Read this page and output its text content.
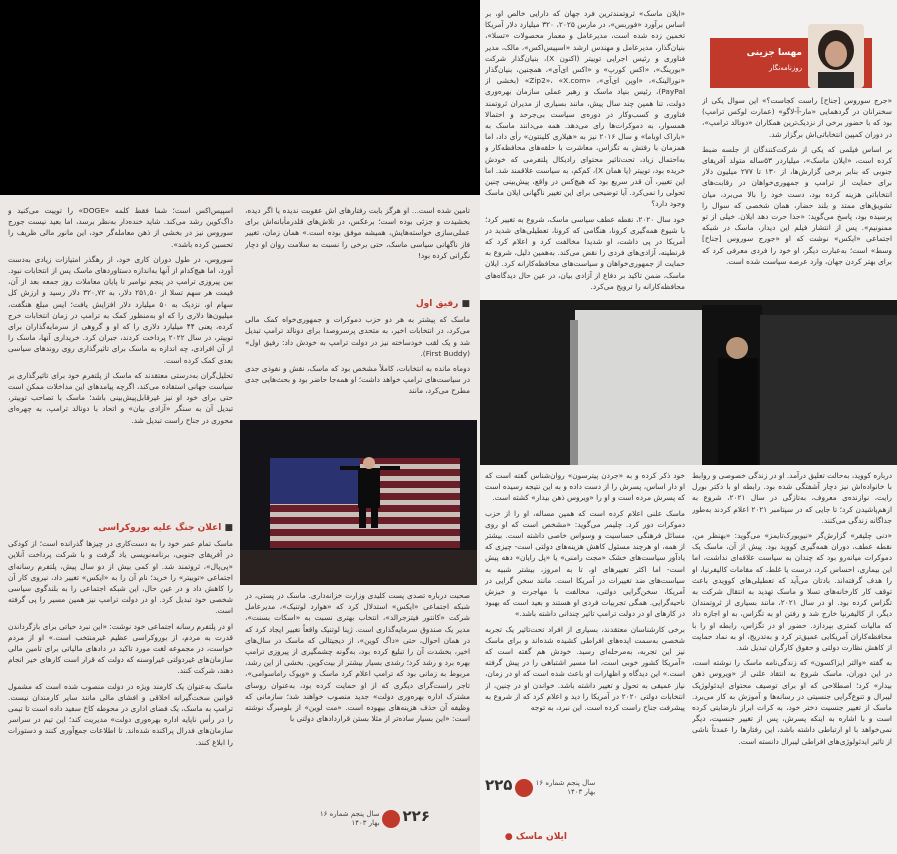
تامین شده است... او هرگز بابت رفتارهای اش عقوبت ندیده یا اگر دیده، بخشیدت و جزئی بوده است؛ برعکس، در تلاش‌های قلدرمأبانه‌اش برای عملی‌سازی خواسته‌هایش، همیشه موفق بوده است.» همان زمان، تغییر فاز ناگهانی سیاسی ماسک، حتی برخی را نسبت به سلامت روان او دچار نگرانی کرده بود!

■ رفیق اول

ماسک که پیشتر به هر دو حزب دموکرات و جمهوری‌خواه کمک مالی می‌کرد، در انتخابات اخیر، به متحدی پرسروصدا برای دونالد ترامپ تبدیل شد و یک لقب خودساخته نیز در دولت ترامپ به خودش داد: رفیق اول» (First Buddy).

دوماه مانده به انتخابات، کاملاً مشخص بود که ماسک، نقش و نفوذی جدی در سیاست‌های ترامپ خواهد داشت؛ او همه‌جا حاضر بود و بحث‌هایی جدی مطرح می‌کرد، مانند

صحبت درباره تصدی پست کلیدی وزارت خزانه‌داری. ماسک در پستی، در شبکه اجتماعی «ایکس» استدلال کرد که «هوارد لوتنیک»، مدیرعامل شرکت «کانتور فیتزجرالد»، انتخاب بهتری نسبت به «اسکات بسنت»، مدیر یک صندوق سرمایه‌گذاری است. ژینا لوتنیک واقعاً تغییر ایجاد کرد که در همان احوال، حتی «داگ کوین»، از دیجیتالی که ماسک در سال‌های اخیر، بخشدت آن را تبلیغ کرده بود، به‌گونه چشمگیری از پیروزی ترامپ بهره برد و رشد کرد؛ رشدی بسیار بیشتر از بیت‌کوین. بخشی از این رشد، مربوط به زمانی بود که ترامپ اعلام کرد ماسک و «ویوک راماسوامی»، تاجر راست‌گرای دیگری که از او حمایت کرده بود، به‌عنوان روسای مشترک اداره بهره‌وری دولت» جدید منصوب خواهند شد؛ سازمانی که وظیفه آن حذف هزینه‌های بیهوده است. «مت لوین» از بلومبرگ نوشته است: «این بسیار ساده‌تر از مثلا بستن قراردادهای دولتی با

اسپیس‌اکس است؛ شما فقط کلمه «DOGE» را توییت می‌کنید و داگ‌کوین رشد می‌کند. شاید خنده‌دار به‌نظر برسد، اما بعید نیست جورج سوروس نیز در بخشی از ذهن معامله‌گر خود، این مانور مالی ظریف را تحسین کرده باشد».

سوروس، در طول دوران کاری خود، از رهگذر امتیازات زیادی به‌دست آورد، اما هیچ‌کدام از آنها به‌اندازه دستاوردهای ماسک پس از انتخابات نبود. بین پیروزی ترامپ در پنجم نوامبر تا پایان معاملات روز جمعه بعد از آن، قیمت هر سهم تسلا از ۲۵۱,۵۰ دلار، به ۳۲۰,۷۲ دلار رسید و ارزش کل سهام او، نزدیک به ۵۰ میلیارد دلار افزایش یافت؛ ایس مبلغ هنگفت، میلیون‌ها دلاری را که او به‌منظور کمک به ترامپ در زمان انتخابات خرج کرده، یعنی ۴۴ میلیارد دلاری را که او و گروهی از سرمایه‌گذاران برای توییتر، در سال ۲۰۲۲ پرداخت کردند، جبران کرد. خریداری آنها، ماسک را از آن افرادی، چه اندازه به ماسک برای تاثیرگذاری روی روندهای سیاسی بعدی کمک کرده است.

تحلیل‌گران به‌درستی معتقدند که ماسک از پلتفرم خود برای تاثیرگذاری بر سیاست جهانی استفاده می‌کند، اگرچه پیامدهای این مداخلات ممکن است حتی برای خود او نیز غیرقابل‌پیش‌بینی باشد؛ ماسک با تصاحب توییتر، تبدیل آن به سنگر «آزادی بیان» و اتحاد با دونالد ترامپ، به چهره‌ای محوری در جناح راست تبدیل شد.

■ اعلان جنگ علیه بوروکراسی

ماسک تمام عمر خود را به دست‌کاری در چیزها گذرانده است؛ از کودکی در آفریقای جنوبی، برنامه‌نویسی یاد گرفت و با شرکت پرداخت آنلاین «پی‌پال»، ثروتمند شد. او کمی بیش از دو سال پیش، پلتفرم رسانه‌ای اجتماعی «توییتر» را خرید؛ نام آن را به «ایکس» تغییر داد، نیروی کار آن را کاهش داد و در عین حال، این شبکه اجتماعی را به بلندگوی سیاسی شخصی خود تبدیل کرد. او در دولت ترامپ نیز همین مسیر را پی گرفته است.

او در پلتفرم رسانه اجتماعی خود نوشت: «این نبرد حیاتی برای بازگرداندن قدرت به مردم، از بوروکراسی عظیم غیرمنتخب است.» او از مردم خواست، در مجموعه لغت مورد تاکید در دادهای مالیاتی برای تامین مالی سازمان‌های غیردولتی غیراوسنه که دولت که قرار است کارهای خیر انجام دهند، شرکت کنند.

ماسک به‌عنوان یک کارمند ویژه در دولت منصوب شده است که مشمول قوانین سخت‌گیرانه اخلاقی و افشای مالی مانند سایر کارمندان نیست. ترامپ به ماسک، یک فضای اداری در محوطه کاخ سفید داده است تا تیمی را در رأس ناپایه اداره بهره‌وری دولت» مدیریت کند؛ این تیم در سراسر سازمان‌های فدرال پراکنده شده‌اند. تا اطلاعات جمع‌آوری کنند و دستورات را ابلاغ کنند.

۲۲۶  سال پنجم شماره ۱۶
بهار ۱۴۰۳

«ایلان ماسک» ثروتمندترین فرد جهان که دارایی خالص او، بر اساس برآورد «فوربس»، در مارس ۲۰۲۵، ۳۲۰ میلیارد دلار آمریکا تخمین زده شده است، مدیرعامل و معمار محصولات «تسلا»، بنیان‌گذار، مدیرعامل و مهندس ارشد «اسپیس‌اکس»، مالک، مدیر فناوری و رئیس اجرایی توییتر (اکنون X)، بنیان‌گذار شرکت «بورینگ»، «اکس کورپ» و «اکس ای‌آی»، همچنین، بنیان‌گذار «نورالینک»، «اوپن ای‌آی»، «Zip2»، «X.com» (بخشی از PayPal)، رئیس بنیاد ماسک و رهبر عملی سازمان بهره‌وری دولت، تنا همین چند سال پیش، مانند بسیاری از مدیران ثروتمند فناوری و کسب‌وکار در دوره‌ی سیاست بی‌جرحد و احتمالا همسوار، به دموکرات‌ها رای می‌دهد. همه می‌دانند ماسک به «باراک اوباما» و سال ۲۰۱۶ نیز به «هیلاری کلینتون» رأی داد، اما همزمان با رفتش به تگزاس، معاشرت با حلقه‌های محافظه‌کار و به‌احتمال زیاد، تحت‌تاثیر محتوای رادیکال پلتفرمی که خودش خریده بود، توییتر (یا همان X)، کم‌کم، به سیاست علاقمند شد. اما این تغییر، آن قدر سریع بود که هیچ‌کس در واقع، پیش‌بینی چنین تحولی را نمی‌کرد. آیا توضیحی برای این تغییر ناگهانی ایلان ماسک وجود دارد؟

خود سال ۲۰۲۰، نقطه عطف سیاسی ماسک، شروع به تغییر کرد؛ با شیوع همه‌گیری کرونا، هنگامی که کرونا، تعطیلی‌های شدید در آمریکا در پی داشت، او شدیدا مخالفت کرد و اعلام کرد که قرنطینه، آزادی‌های فردی را نقض می‌کند. به‌همین دلیل، شروع به حمایت از جمهوری‌خواهان و سیاست‌های محافظه‌کارانه کرد. ایلان ماسک، ضمن تاکید بر دفاع از آزادی بیان، در عین حال دیدگاه‌های محافظه‌کارانه را ترویج می‌کرد.

مهسا جزینی
روزنامه‌نگار

«جرج سوروس [جناح] راست کجاست؟» این سوال یکی از سخنرانان در گردهمایی «مار-آ-لاگو» (عمارت لوکس ترامپ) بود که با حضور برخی از نزدیک‌ترین همکاران «دونالد ترامپ»، در دوران کمپین انتخاباتی‌اش برگزار شد.

بر اساس فیلمی که یکی از شرکت‌کنندگان از جلسه ضبط کرده است، «ایلان ماسک»، میلیاردر ۵۳ساله متولد آفریقای جنوبی که بنابر برخی گزارش‌ها، از ۱۳۰ تا ۲۷۷ میلیون دلار برای حمایت از ترامپ و جمهوری‌خواهان در رقابت‌های انتخاباتی هزینه کرده بود، دست خود را بالا می‌برد، میان تشویق‌های ممتد و بلند حضار، همان شخصی که سوال را پرسیده بود، پاسخ می‌گوید: «حدا حرت دهد ایلان. خیلی از تو ممنونیم». پس از انتشار فیلم این دیدار، ماسک در شبکه اجتماعی «ایکس» نوشت که او «جورج سوروس [جناح] وسط» است؛ به‌عبارت دیگر، او خود را فردی معرفی کرد که برای بهتر کردن جهان، وارد عرصه سیاست شده است.

خود ذکر کرده و به «جردن پیترسون» روان‌شناس گفته است که او دار اساس، پسرش را از دست داده و به این نتیجه رسیده است که پسرش مرده است و او را «ویروس ذهن بیدار» کشته است.

ماسک علنی اعلام کرده است که همین مساله، او را از حزب دموکرات دور کرد. چلیمر می‌گوید: «مشخص است که او روی مسائل فرهنگی حساسیت و وسواس خاصی داشته است. بیشتر از همه، او هرچند مسئول کاهش هزینه‌های دولتی است- چیزی که یادآور سیاست‌های خشک «مجت رامنی» یا «پل رایان» دهه پیش است- اما اکثر تغییرهای او، تا به امروز، بیشتر شبیه به سیاست‌های ضد تغییرات در آمریکا است. مانند سخن گرایی در آمریکا، سخن‌گرایی دولتی، مخالفت با مهاجرت و خیزش ناحیه‌گرایی. همگی تجربیات فردی او هستند و بعید است که بهبود در کارهای او در دولت ترامپ تاثیر چندانی داشته باشد.»

برخی کارشناسان معتقدند، بسیاری از افراد تحت‌تاثیر یک تجربه شخصی به‌سمت ایده‌های افراطی کشیده شده‌اند و برای ماسک نیز این تجربه، به‌مرحله‌ای رسید. خودش هم گفته است که «آمریکا کشور خوبی است، اما مسیر اشتباهی را در پیش گرفته است.» این دیدگاه و اظهارات او باعث شده است که او در زمان، نیاز عمیقی به تحول و تغییر داشته باشد. خواندن او در چنین، از انتخابات دولتی ۲۰۲۰ در آمریکا را دید و اعلام کرد که از شروع به پیشرفت جناح راست کرده است. این نبرد، به توجه

درباره کووید، به‌حالت تعلیق درآمد. او در زندگی خصوصی و روابط با خانواده‌اش نیز دچار آشفتگی شده بود. رابطه او با دکتر بورل رایت، نوازنده‌ی معروف، به‌تازگی در سال ۲۰۲۱، شروع به ازهم‌پاشیدن کرد؛ تا جایی که در سپتامبر ۲۰۲۱ اعلام کردند به‌طور جداگانه زندگی می‌کنند.

«دنی چلیقر» گزارش‌گر «نیویورک‌تایمز» می‌گوید: «بهنظر من، نقطه عطف، دوران همه‌گیری کووید بود. پیش از آن، ماسک یک دموکرات میانه‌رو بود که چندان به سیاست علاقه‌ای نداشت، اما این بیماری، احساس کرد، درست یا غلط، که مقامات کالیفرنیا، او را هدف گرفته‌اند. بادتان می‌آید که تعطیلی‌های کوویدی باعث توقف کار کارخانه‌های تسلا و ماسک تهدید به انتقال شرکت به تگزاس کرده بود. او در سال ۲۰۲۱، مانند بسیاری از ثروتمندان دیگر، از کالیفرنیا خارج شد و رفتن او به تگزاس، به او اجازه داد که مالیات کمتری بپردازد. حضور او در تگزاس، رابطه او را با محافظه‌کاران آمریکایی عمیق‌تر کرد و به‌تدریج، او به نماد حمایت از کاهش نظارت دولتی و حقوق کارگران تبدیل شد.

به گفته «والتر ایزاکسون» که زندگی‌نامه ماسک را نوشته است، در این دوران، ماسک شروع به انتقاد علنی از «ویروس ذهن بیدار» کرد؛ اصطلاحی که او برای توصیف محتوای ایدئولوژیک لیبرال و تنوع‌گرایی جنسیتی در رسانه‌ها و آموزش به کار می‌برد. ماسک از تغییر جنسیت دختر خود، به کرات ابراز نارضایتی کرده است و با اشاره به اینکه پسرش، پس از تغییر جنسیت، دیگر نمی‌خواهد با او ارتباطی داشته باشد، این رفتارها را عمدتاً ناشی از تاثیر ایدئولوژی‌های افراطی لیبرال دانسته است.

۲۲۵	سال پنجم شماره ۱۶
بهار ۱۴۰۳
ایلان ماسک ●
